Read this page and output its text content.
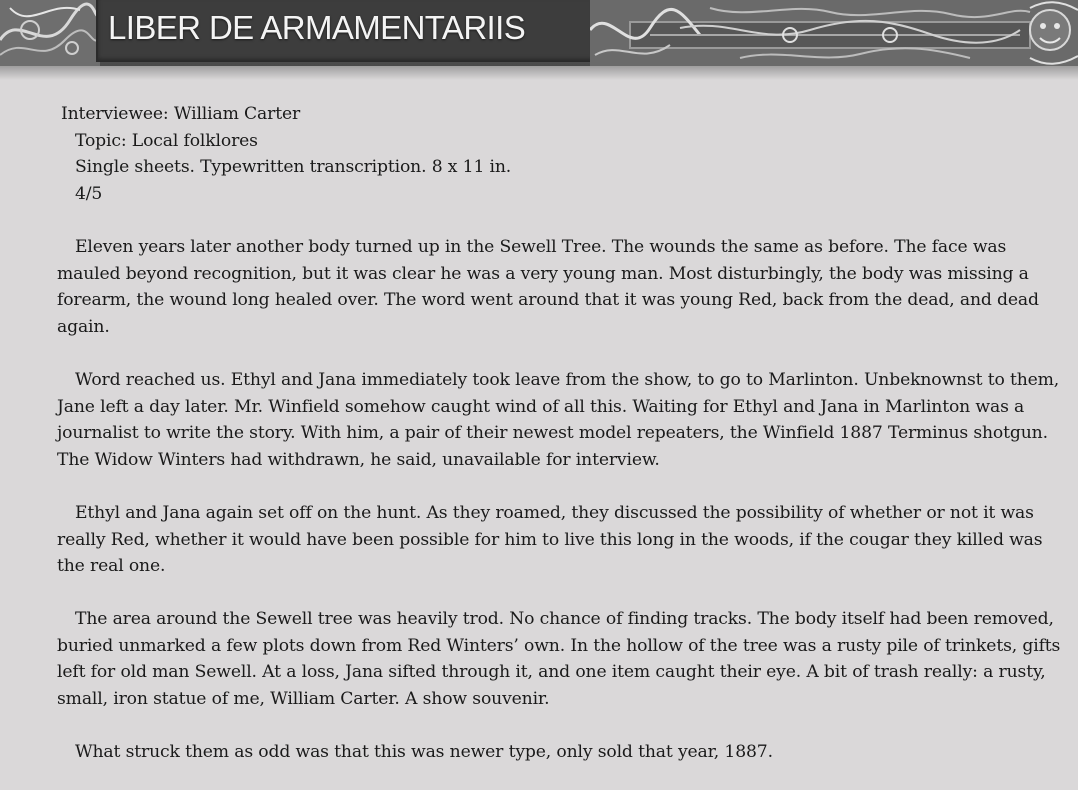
LIBER DE ARMAMENTARIIS

Interviewee: William Carter

Topic: Local folklores

Single sheets. Typewritten transcription. 8 x 11 in.

4/5

Eleven years later another body turned up in the Sewell Tree. The wounds the same as before. The face was mauled beyond recognition, but it was clear he was a very young man. Most disturbingly, the body was missing a forearm, the wound long healed over. The word went around that it was young Red, back from the dead, and dead again.

Word reached us. Ethyl and Jana immediately took leave from the show, to go to Marlinton. Unbeknownst to them, Jane left a day later. Mr. Winfield somehow caught wind of all this. Waiting for Ethyl and Jana in Marlinton was a journalist to write the story. With him, a pair of their newest model repeaters, the Winfield 1887 Terminus shotgun. The Widow Winters had withdrawn, he said, unavailable for interview.

Ethyl and Jana again set off on the hunt. As they roamed, they discussed the possibility of whether or not it was really Red, whether it would have been possible for him to live this long in the woods, if the cougar they killed was the real one.

The area around the Sewell tree was heavily trod. No chance of finding tracks. The body itself had been removed, buried unmarked a few plots down from Red Winters’ own. In the hollow of the tree was a rusty pile of trinkets, gifts left for old man Sewell. At a loss, Jana sifted through it, and one item caught their eye. A bit of trash really: a rusty, small, iron statue of me, William Carter. A show souvenir.

What struck them as odd was that this was newer type, only sold that year, 1887.
